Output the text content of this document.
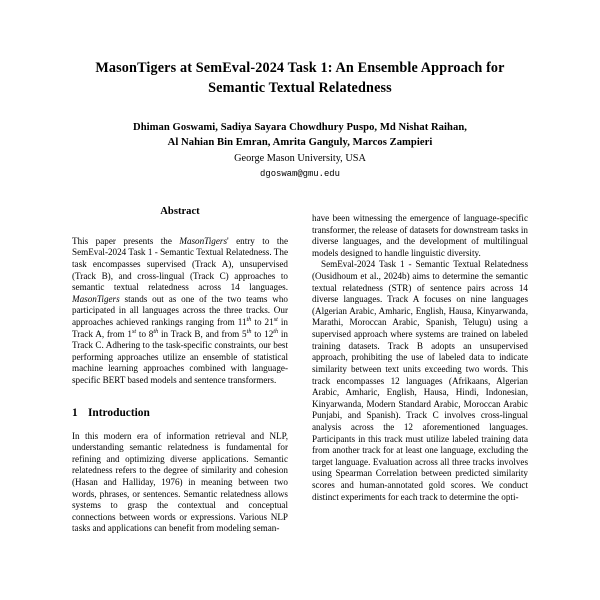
MasonTigers at SemEval-2024 Task 1: An Ensemble Approach for
Semantic Textual Relatedness
Dhiman Goswami, Sadiya Sayara Chowdhury Puspo, Md Nishat Raihan,
Al Nahian Bin Emran, Amrita Ganguly, Marcos Zampieri
George Mason University, USA
dgoswam@gmu.edu
Abstract

This paper presents the MasonTigers' entry to the SemEval-2024 Task 1 - Semantic Textual Relatedness. The task encompasses supervised (Track A), unsupervised (Track B), and cross-lingual (Track C) approaches to semantic textual relatedness across 14 languages. MasonTigers stands out as one of the two teams who participated in all languages across the three tracks. Our approaches achieved rankings ranging from 11th to 21st in Track A, from 1st to 8th in Track B, and from 5th to 12th in Track C. Adhering to the task-specific constraints, our best performing approaches utilize an ensemble of statistical machine learning approaches combined with language-specific BERT based models and sentence transformers.

1 Introduction

In this modern era of information retrieval and NLP, understanding semantic relatedness is fundamental for refining and optimizing diverse applications. Semantic relatedness refers to the degree of similarity and cohesion (Hasan and Halliday, 1976) in meaning between two words, phrases, or sentences. Semantic relatedness allows systems to grasp the contextual and conceptual connections between words or expressions. Various NLP tasks and applications can benefit from modeling seman-

have been witnessing the emergence of language-specific transformer, the release of datasets for downstream tasks in diverse languages, and the development of multilingual models designed to handle linguistic diversity.

SemEval-2024 Task 1 - Semantic Textual Relatedness (Ousidhoum et al., 2024b) aims to determine the semantic textual relatedness (STR) of sentence pairs across 14 diverse languages. Track A focuses on nine languages (Algerian Arabic, Amharic, English, Hausa, Kinyarwanda, Marathi, Moroccan Arabic, Spanish, Telugu) using a supervised approach where systems are trained on labeled training datasets. Track B adopts an unsupervised approach, prohibiting the use of labeled data to indicate similarity between text units exceeding two words. This track encompasses 12 languages (Afrikaans, Algerian Arabic, Amharic, English, Hausa, Hindi, Indonesian, Kinyarwanda, Modern Standard Arabic, Moroccan Arabic Punjabi, and Spanish). Track C involves cross-lingual analysis across the 12 aforementioned languages. Participants in this track must utilize labeled training data from another track for at least one language, excluding the target language. Evaluation across all three tracks involves using Spearman Correlation between predicted similarity scores and human-annotated gold scores. We conduct distinct experiments for each track to determine the opti-
